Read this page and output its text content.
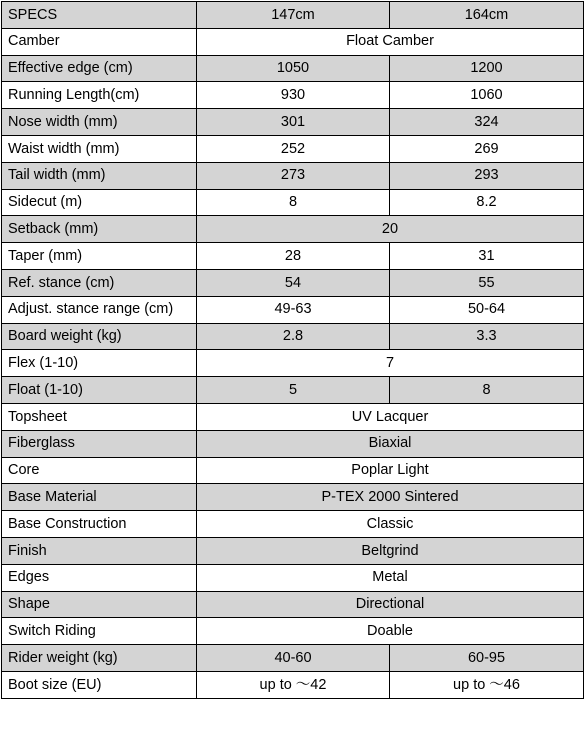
SPECS	147cm	164cm
Camber	Float Camber	
Effective edge (cm)	1050	1200
Running Length(cm)	930	1060
Nose width (mm)	301	324
Waist width (mm)	252	269
Tail width (mm)	273	293
Sidecut (m)	8	8.2
Setback (mm)	20	
Taper (mm)	28	31
Ref. stance (cm)	54	55
Adjust. stance range (cm)	49-63	50-64
Board weight (kg)	2.8	3.3
Flex (1-10)	7	
Float (1-10)	5	8
Topsheet	UV Lacquer	
Fiberglass	Biaxial	
Core	Poplar Light	
Base Material	P-TEX 2000 Sintered	
Base Construction	Classic	
Finish	Beltgrind	
Edges	Metal	
Shape	Directional	
Switch Riding	Doable	
Rider weight (kg)	40-60	60-95
Boot size (EU)	up to ～42	up to ～46
